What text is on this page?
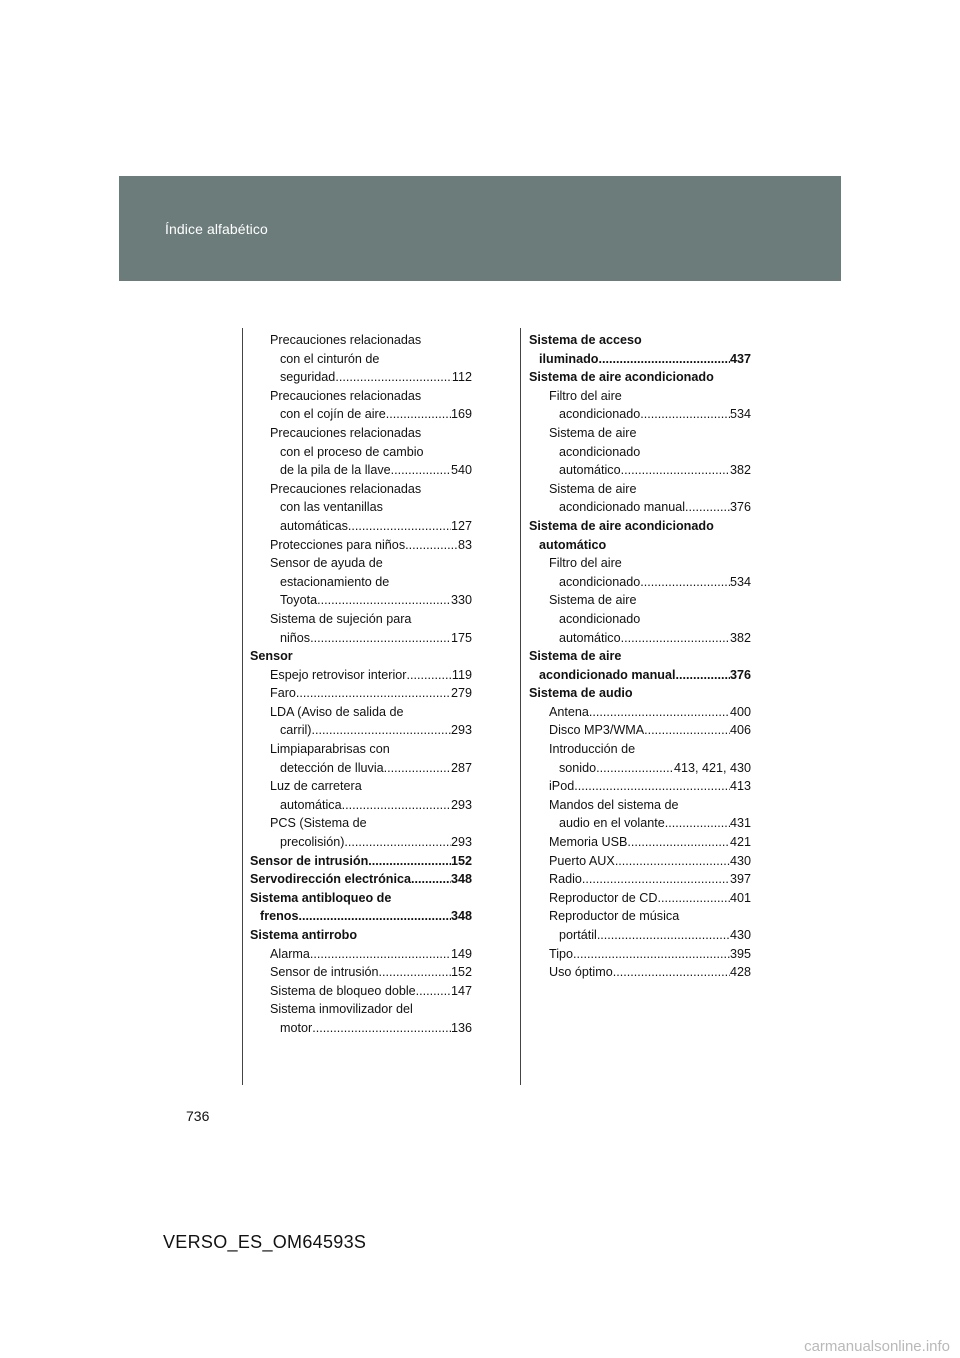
Índice alfabético
Precauciones relacionadas
con el cinturón de
seguridad .....	112
Precauciones relacionadas
con el cojín de aire .....	169
Precauciones relacionadas
con el proceso de cambio
de la pila de la llave .....	540
Precauciones relacionadas
con las ventanillas
automáticas .....	127
Protecciones para niños .....	83
Sensor de ayuda de
estacionamiento de
Toyota .....	330
Sistema de sujeción para
niños .....	175
Sensor
Espejo retrovisor interior .....	119
Faro .....	279
LDA (Aviso de salida de
carril) .....	293
Limpiaparabrisas con
detección de lluvia .....	287
Luz de carretera
automática .....	293
PCS (Sistema de
precolisión) .....	293
Sensor de intrusión .....	152
Servodirección electrónica .....	348
Sistema antibloqueo de
frenos .....	348
Sistema antirrobo
Alarma .....	149
Sensor de intrusión .....	152
Sistema de bloqueo doble .....	147
Sistema inmovilizador del
motor .....	136
Sistema de acceso
iluminado .....	437
Sistema de aire acondicionado
Filtro del aire
acondicionado .....	534
Sistema de aire
acondicionado
automático .....	382
Sistema de aire
acondicionado manual .....	376
Sistema de aire acondicionado
automático
Filtro del aire
acondicionado .....	534
Sistema de aire
acondicionado
automático .....	382
Sistema de aire
acondicionado manual .....	376
Sistema de audio
Antena .....	400
Disco MP3/WMA .....	406
Introducción de
sonido .....	413, 421, 430
iPod .....	413
Mandos del sistema de
audio en el volante .....	431
Memoria USB .....	421
Puerto AUX .....	430
Radio .....	397
Reproductor de CD .....	401
Reproductor de música
portátil .....	430
Tipo .....	395
Uso óptimo .....	428
736
VERSO_ES_OM64593S
carmanualsonline.info
